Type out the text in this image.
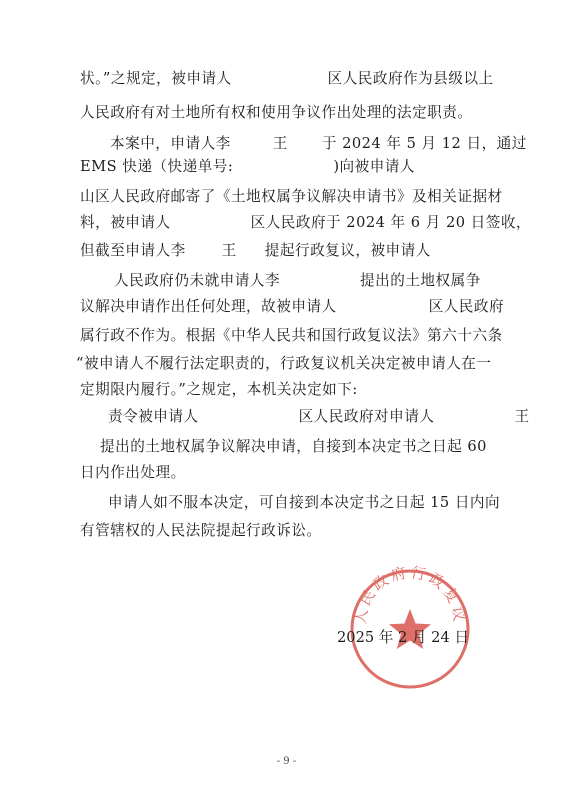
状。”之规定，被申请人	区人民政府作为县级以上
人民政府有对土地所有权和使用争议作出处理的法定职责。
本案中，申请人李	王 于 2024 年 5 月 12 日，通过
EMS 快递（快递单号:	)向被申请人
山区人民政府邮寄了《土地权属争议解决申请书》及相关证据材
料，被申请人	区人民政府于 2024 年 6 月 20 日签收，
但截至申请人李 王 提起行政复议，被申请人
人民政府仍未就申请人李	提出的土地权属争
议解决申请作出任何处理，故被申请人	区人民政府
属行政不作为。根据《中华人民共和国行政复议法》第六十六条
“被申请人不履行法定职责的，行政复议机关决定被申请人在一
定期限内履行。”之规定，本机关决定如下:
责令被申请人	区人民政府对申请人	王
提出的土地权属争议解决申请，自接到本决定书之日起 60
日内作出处理。
申请人如不服本决定，可自接到本决定书之日起 15 日内向
有管辖权的人民法院提起行政诉讼。
人民政府行政复议
2025 年 2 月 24 日
- 9 -
